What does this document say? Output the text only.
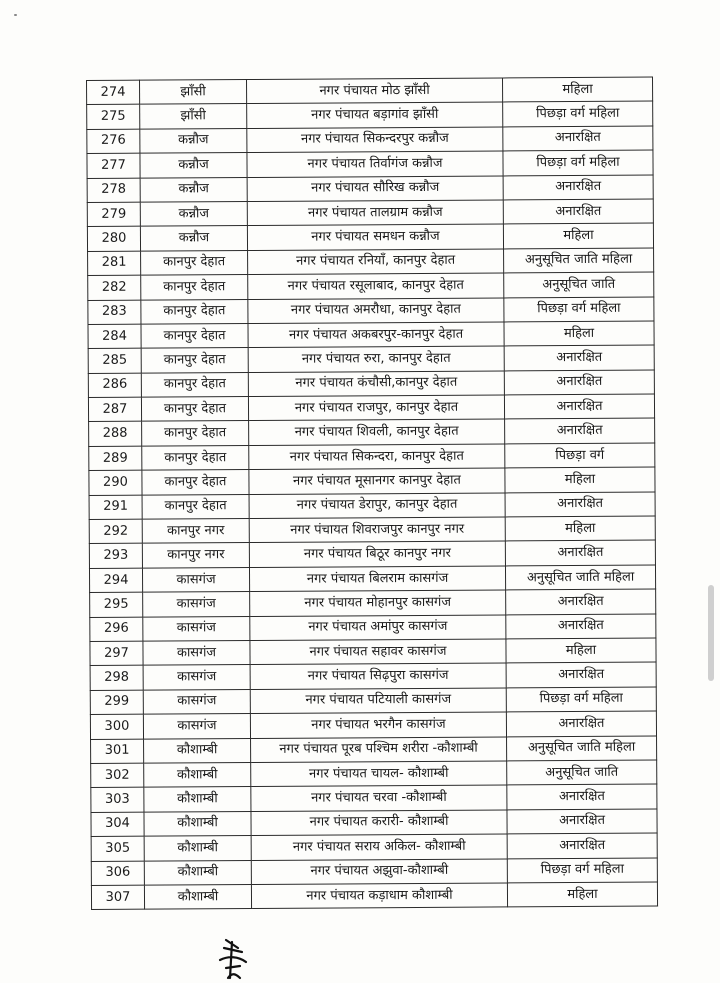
274	झाँसी	नगर पंचायत मोठ झाँसी	महिला
275	झाँसी	नगर पंचायत बड़ागांव झाँसी	पिछड़ा वर्ग महिला
276	कन्नौज	नगर पंचायत सिकन्दरपुर कन्नौज	अनारक्षित
277	कन्नौज	नगर पंचायत तिर्वागंज कन्नौज	पिछड़ा वर्ग महिला
278	कन्नौज	नगर पंचायत सौरिख कन्नौज	अनारक्षित
279	कन्नौज	नगर पंचायत तालग्राम कन्नौज	अनारक्षित
280	कन्नौज	नगर पंचायत समधन कन्नौज	महिला
281	कानपुर देहात	नगर पंचायत रनियाँ, कानपुर देहात	अनुसूचित जाति महिला
282	कानपुर देहात	नगर पंचायत रसूलाबाद, कानपुर देहात	अनुसूचित जाति
283	कानपुर देहात	नगर पंचायत अमरौधा, कानपुर देहात	पिछड़ा वर्ग महिला
284	कानपुर देहात	नगर पंचायत अकबरपुर-कानपुर देहात	महिला
285	कानपुर देहात	नगर पंचायत रुरा, कानपुर देहात	अनारक्षित
286	कानपुर देहात	नगर पंचायत कंचौसी,कानपुर देहात	अनारक्षित
287	कानपुर देहात	नगर पंचायत राजपुर, कानपुर देहात	अनारक्षित
288	कानपुर देहात	नगर पंचायत शिवली, कानपुर देहात	अनारक्षित
289	कानपुर देहात	नगर पंचायत सिकन्दरा, कानपुर देहात	पिछड़ा वर्ग
290	कानपुर देहात	नगर पंचायत मूसानगर कानपुर देहात	महिला
291	कानपुर देहात	नगर पंचायत डेरापुर, कानपुर देहात	अनारक्षित
292	कानपुर नगर	नगर पंचायत शिवराजपुर कानपुर नगर	महिला
293	कानपुर नगर	नगर पंचायत बिठूर कानपुर नगर	अनारक्षित
294	कासगंज	नगर पंचायत बिलराम कासगंज	अनुसूचित जाति महिला
295	कासगंज	नगर पंचायत मोहानपुर कासगंज	अनारक्षित
296	कासगंज	नगर पंचायत अमांपुर कासगंज	अनारक्षित
297	कासगंज	नगर पंचायत सहावर कासगंज	महिला
298	कासगंज	नगर पंचायत सिढ़पुरा कासगंज	अनारक्षित
299	कासगंज	नगर पंचायत पटियाली कासगंज	पिछड़ा वर्ग महिला
300	कासगंज	नगर पंचायत भरगैन कासगंज	अनारक्षित
301	कौशाम्बी	नगर पंचायत पूरब पश्चिम शरीरा -कौशाम्बी	अनुसूचित जाति महिला
302	कौशाम्बी	नगर पंचायत चायल- कौशाम्बी	अनुसूचित जाति
303	कौशाम्बी	नगर पंचायत चरवा -कौशाम्बी	अनारक्षित
304	कौशाम्बी	नगर पंचायत करारी- कौशाम्बी	अनारक्षित
305	कौशाम्बी	नगर पंचायत सराय अकिल- कौशाम्बी	अनारक्षित
306	कौशाम्बी	नगर पंचायत अझुवा-कौशाम्बी	पिछड़ा वर्ग महिला
307	कौशाम्बी	नगर पंचायत कड़ाधाम कौशाम्बी	महिला
